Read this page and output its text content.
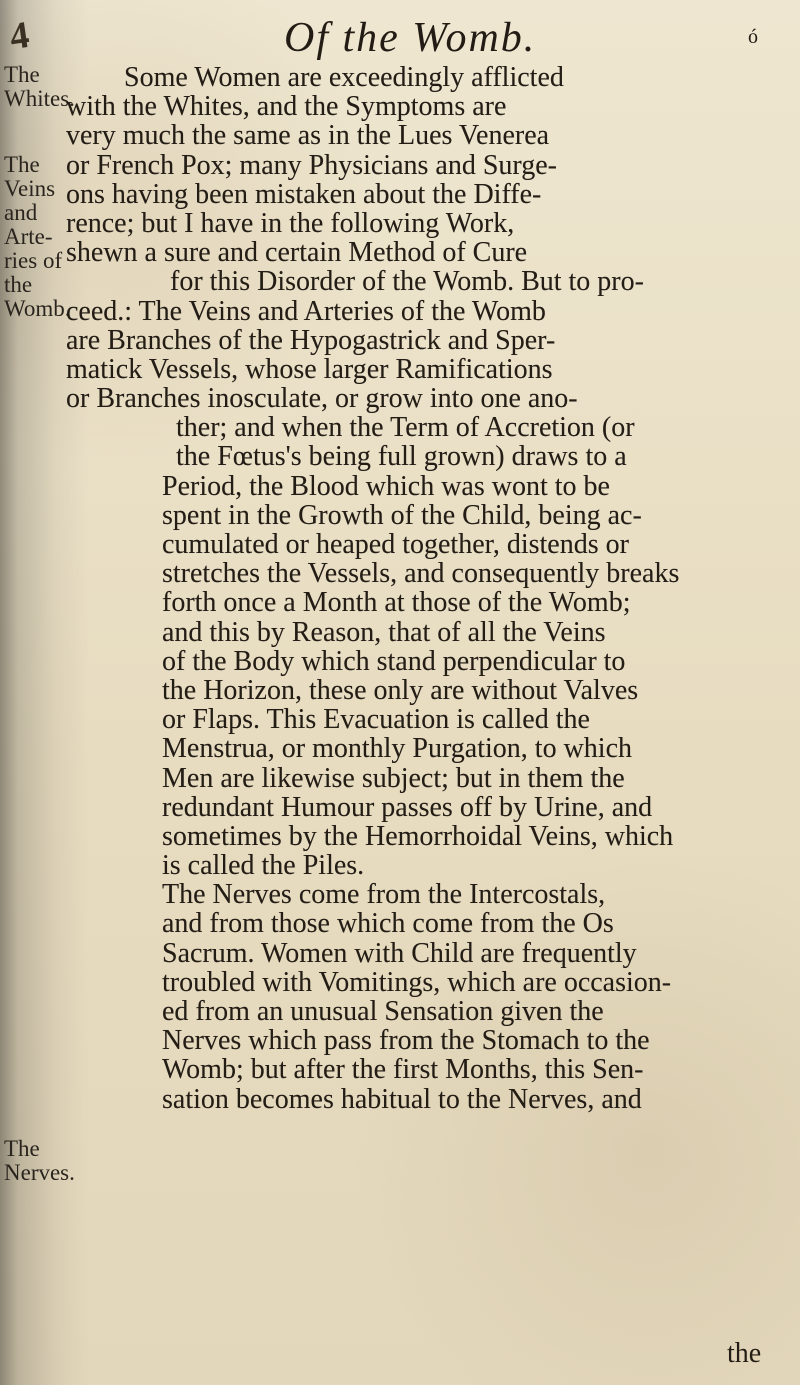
4	Of the Womb.	ó
The
Whites.
The Veins
and Arte-
ries of the
Womb.
The
Nerves.
Some Women are exceedingly afflicted
with the Whites, and the Symptoms are
very much the same as in the Lues Venerea
or French Pox; many Physicians and Surge-
ons having been mistaken about the Diffe-
rence; but I have in the following Work,
shewn a sure and certain Method of Cure
for this Disorder of the Womb. But to pro-
ceed.: The Veins and Arteries of the Womb
are Branches of the Hypogastrick and Sper-
matick Vessels, whose larger Ramifications
or Branches inosculate, or grow into one ano-
ther; and when the Term of Accretion (or
the Fœtus's being full grown) draws to a
Period, the Blood which was wont to be
spent in the Growth of the Child, being ac-
cumulated or heaped together, distends or
stretches the Vessels, and consequently breaks
forth once a Month at those of the Womb;
and this by Reason, that of all the Veins
of the Body which stand perpendicular to
the Horizon, these only are without Valves
or Flaps. This Evacuation is called the
Menstrua, or monthly Purgation, to which
Men are likewise subject; but in them the
redundant Humour passes off by Urine, and
sometimes by the Hemorrhoidal Veins, which
is called the Piles.
The Nerves come from the Intercostals,
and from those which come from the Os
Sacrum. Women with Child are frequently
troubled with Vomitings, which are occasion-
ed from an unusual Sensation given the
Nerves which pass from the Stomach to the
Womb; but after the first Months, this Sen-
sation becomes habitual to the Nerves, and
the
